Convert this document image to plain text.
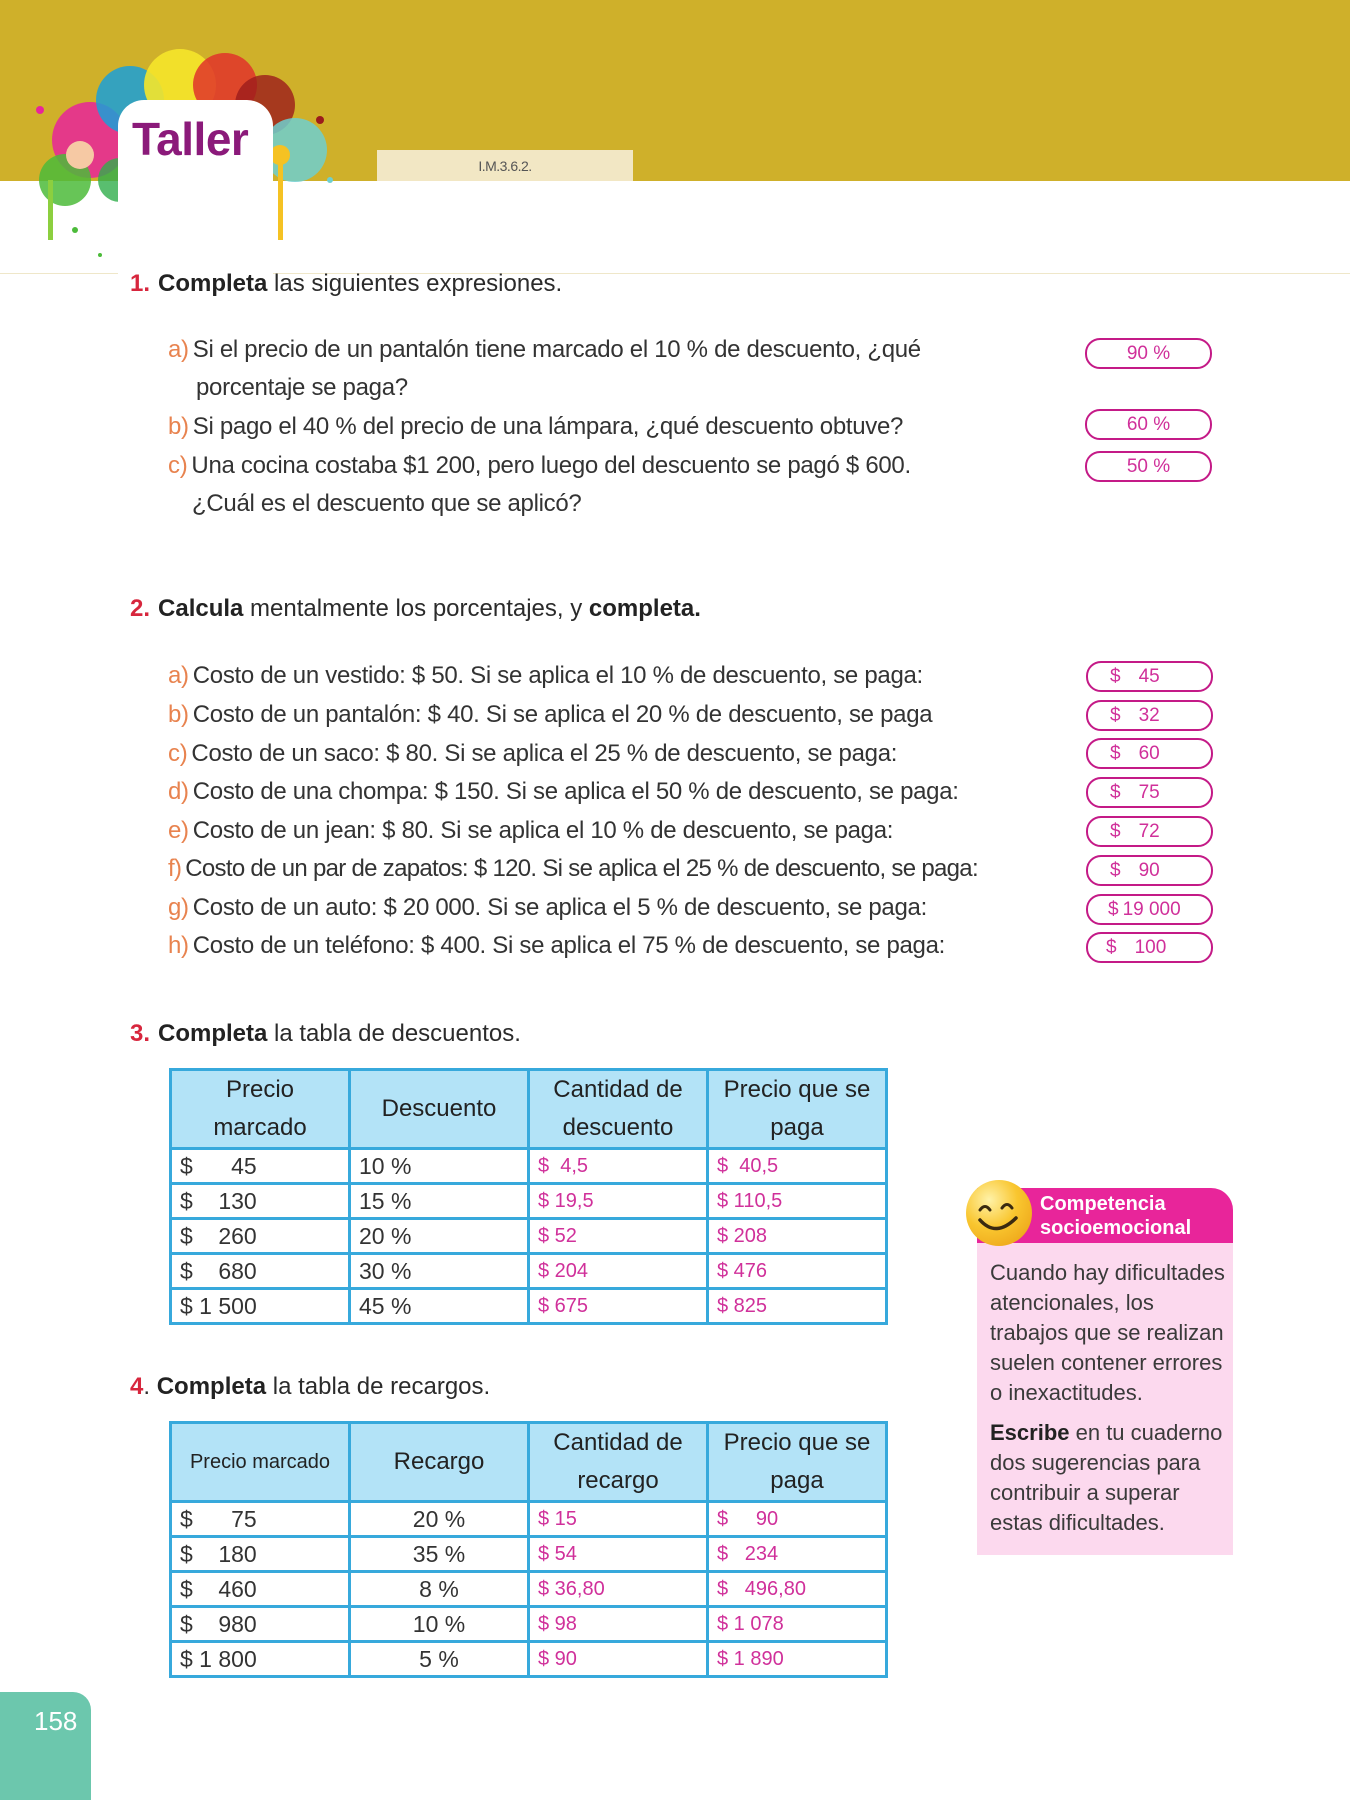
Taller
I.M.3.6.2.
1. Completa las siguientes expresiones.
a) Si el precio de un pantalón tiene marcado el 10 % de descuento, ¿qué
porcentaje se paga?
b) Si pago el 40 % del precio de una lámpara, ¿qué descuento obtuve?
c) Una cocina costaba $1 200, pero luego del descuento se pagó $ 600.
¿Cuál es el descuento que se aplicó?
90 %
60 %
50 %
2. Calcula mentalmente los porcentajes, y completa.
a) Costo de un vestido: $ 50. Si se aplica el 10 % de descuento, se paga:
b) Costo de un pantalón: $ 40. Si se aplica el 20 % de descuento, se paga
c) Costo de un saco: $ 80. Si se aplica el 25 % de descuento, se paga:
d) Costo de una chompa: $ 150. Si se aplica el 50 % de descuento, se paga:
e) Costo de un jean: $ 80. Si se aplica el 10 % de descuento, se paga:
f) Costo de un par de zapatos: $ 120. Si se aplica el 25 % de descuento, se paga:
g) Costo de un auto: $ 20 000. Si se aplica el 5 % de descuento, se paga:
h) Costo de un teléfono: $ 400. Si se aplica el 75 % de descuento, se paga:
$ 45
$ 32
$ 60
$ 75
$ 72
$ 90
$ 19 000
$ 100
3. Completa la tabla de descuentos.
Precio marcado	Descuento	Cantidad de descuento	Precio que se paga
$      45	10 %	$  4,5	$  40,5
$    130	15 %	$ 19,5	$ 110,5
$    260	20 %	$ 52	$ 208
$    680	30 %	$ 204	$ 476
$ 1 500	45 %	$ 675	$ 825
4. Completa la tabla de recargos.
Precio marcado	Recargo	Cantidad de recargo	Precio que se paga
$      75	20 %	$ 15	$     90
$    180	35 %	$ 54	$   234
$    460	8 %	$ 36,80	$   496,80
$    980	10 %	$ 98	$ 1 078
$ 1 800	5 %	$ 90	$ 1 890
Competencia
socioemocional

Cuando hay dificultades atencionales, los trabajos que se realizan suelen contener errores o inexactitudes.

Escribe en tu cuaderno dos sugerencias para contribuir a superar estas dificultades.

158
